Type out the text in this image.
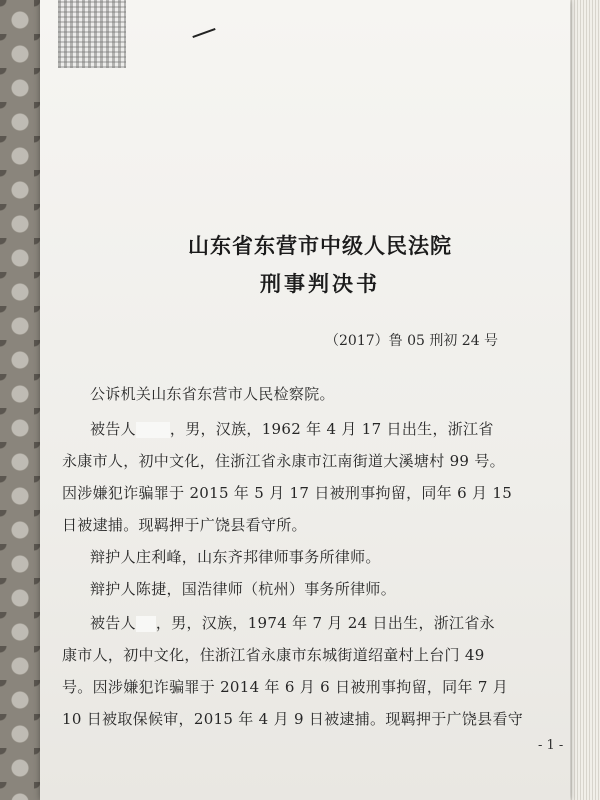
山东省东营市中级人民法院
刑事判决书
（2017）鲁 05 刑初 24 号
公诉机关山东省东营市人民检察院。
被告人 ，男，汉族，1962 年 4 月 17 日出生，浙江省
永康市人，初中文化，住浙江省永康市江南街道大溪塘村 99 号。
因涉嫌犯诈骗罪于 2015 年 5 月 17 日被刑事拘留，同年 6 月 15
日被逮捕。现羁押于广饶县看守所。
辩护人庄利峰，山东齐邦律师事务所律师。
辩护人陈捷，国浩律师（杭州）事务所律师。
被告人 ，男，汉族，1974 年 7 月 24 日出生，浙江省永
康市人，初中文化，住浙江省永康市东城街道绍童村上台门 49
号。因涉嫌犯诈骗罪于 2014 年 6 月 6 日被刑事拘留，同年 7 月
10 日被取保候审，2015 年 4 月 9 日被逮捕。现羁押于广饶县看守
- 1 -
